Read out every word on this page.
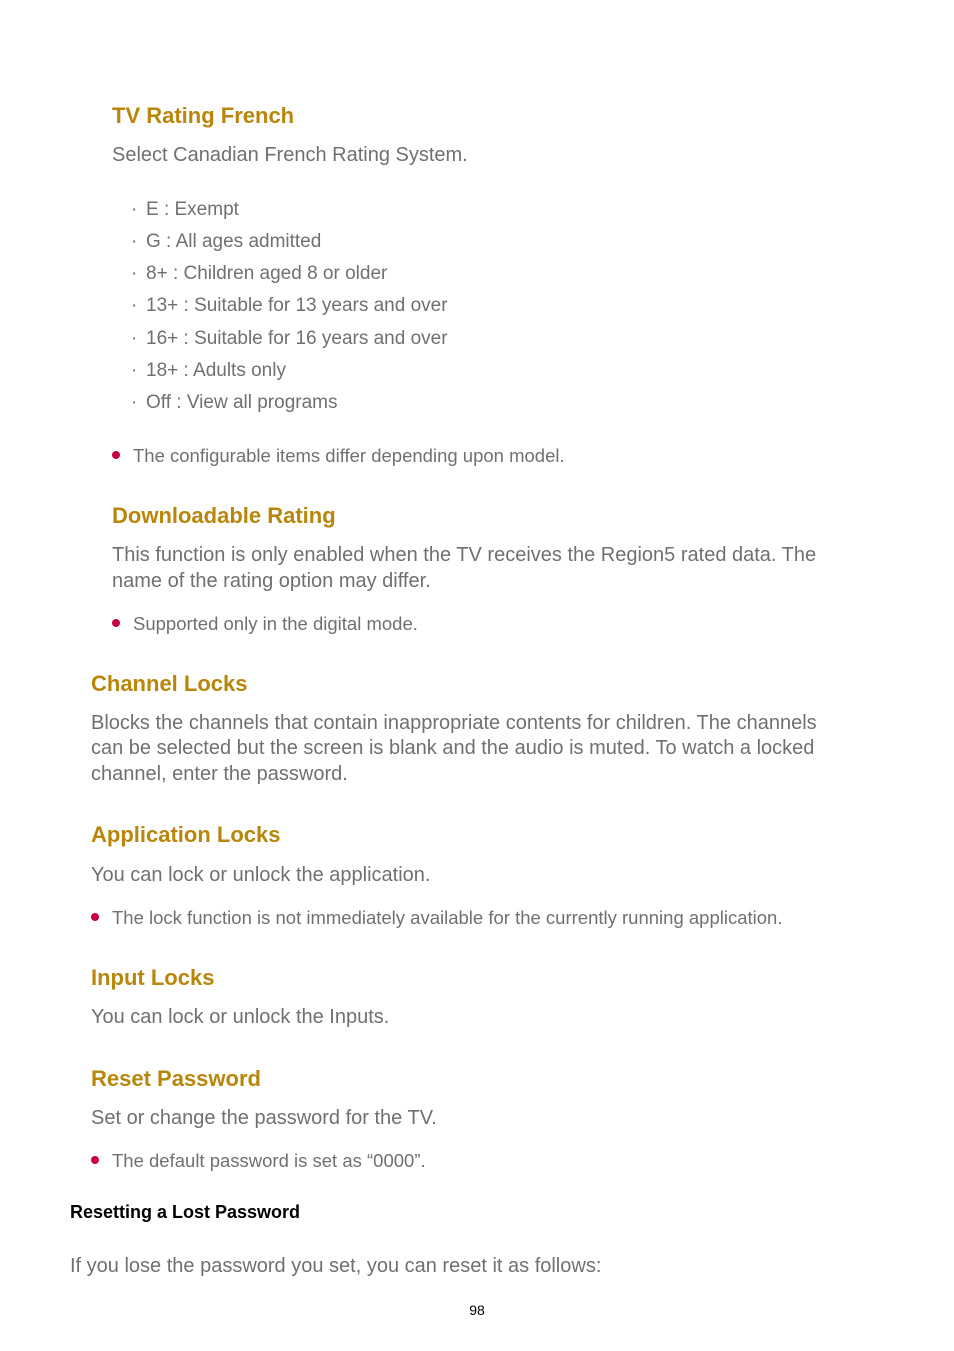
TV Rating French
Select Canadian French Rating System.
· E : Exempt
· G : All ages admitted
· 8+ : Children aged 8 or older
· 13+ : Suitable for 13 years and over
· 16+ : Suitable for 16 years and over
· 18+ : Adults only
· Off : View all programs
The configurable items differ depending upon model.
Downloadable Rating
This function is only enabled when the TV receives the Region5 rated data. The
name of the rating option may differ.
Supported only in the digital mode.
Channel Locks
Blocks the channels that contain inappropriate contents for children. The channels
can be selected but the screen is blank and the audio is muted. To watch a locked
channel, enter the password.
Application Locks
You can lock or unlock the application.
The lock function is not immediately available for the currently running application.
Input Locks
You can lock or unlock the Inputs.
Reset Password
Set or change the password for the TV.
The default password is set as “0000”.
Resetting a Lost Password
If you lose the password you set, you can reset it as follows:
98
